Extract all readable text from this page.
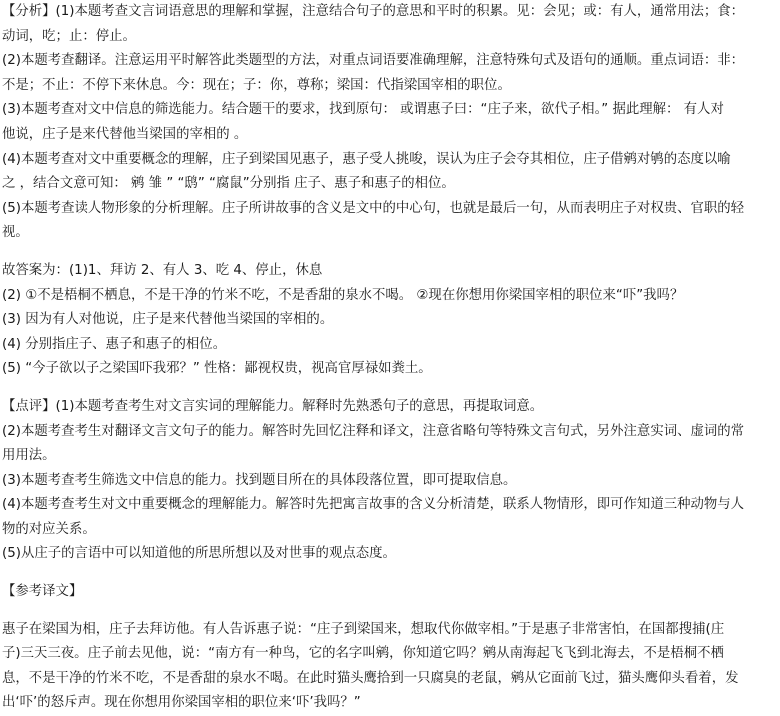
【分析】(1)本题考查文言词语意思的理解和掌握，注意结合句子的意思和平时的积累。见：会见；或：有人，通常用法；食：
动词，吃；止：停止。
(2)本题考查翻译。注意运用平时解答此类题型的方法，对重点词语要准确理解，注意特殊句式及语句的通顺。重点词语：非：
不是；不止：不停下来休息。今：现在；子：你，尊称；梁国：代指梁国宰相的职位。
(3)本题考查对文中信息的筛选能力。结合题干的要求，找到原句： 或谓惠子曰：“庄子来，欲代子相。” 据此理解： 有人对
他说，庄子是来代替他当梁国的宰相的 。
(4)本题考查对文中重要概念的理解，庄子到梁国见惠子，惠子受人挑唆，误认为庄子会夺其相位，庄子借鹓对鸲的态度以喻
之 ，结合文意可知： 鹓 雏 ” “鸱” “腐鼠”分别指 庄子、惠子和惠子的相位。
(5)本题考查读人物形象的分析理解。庄子所讲故事的含义是文中的中心句，也就是最后一句，从而表明庄子对权贵、官职的轻
视。
故答案为：(1)1、拜访 2、有人 3、吃 4、停止，休息
(2) ①不是梧桐不栖息，不是干净的竹米不吃，不是香甜的泉水不喝。 ②现在你想用你梁国宰相的职位来“吓”我吗？
(3) 因为有人对他说，庄子是来代替他当梁国的宰相的。
(4) 分别指庄子、惠子和惠子的相位。
(5) “今子欲以子之梁国吓我邪？” 性格：鄙视权贵，视高官厚禄如粪土。
【点评】(1)本题考查考生对文言实词的理解能力。解释时先熟悉句子的意思，再提取词意。
(2)本题考查考生对翻译文言文句子的能力。解答时先回忆注释和译文，注意省略句等特殊文言句式，另外注意实词、虚词的常
用用法。
(3)本题考查考生筛选文中信息的能力。找到题目所在的具体段落位置，即可提取信息。
(4)本题考查考生对文中重要概念的理解能力。解答时先把寓言故事的含义分析清楚，联系人物情形，即可作知道三种动物与人
物的对应关系。
(5)从庄子的言语中可以知道他的所思所想以及对世事的观点态度。
【参考译文】
惠子在梁国为相，庄子去拜访他。有人告诉惠子说：“庄子到梁国来，想取代你做宰相。”于是惠子非常害怕，在国都搜捕(庄
子)三天三夜。庄子前去见他，说：“南方有一种鸟，它的名字叫鹓，你知道它吗？鹓从南海起飞飞到北海去，不是梧桐不栖
息，不是干净的竹米不吃，不是香甜的泉水不喝。在此时猫头鹰拾到一只腐臭的老鼠，鹓从它面前飞过，猫头鹰仰头看着，发
出‘吓’的怒斥声。现在你想用你梁国宰相的职位来‘吓’我吗？”
